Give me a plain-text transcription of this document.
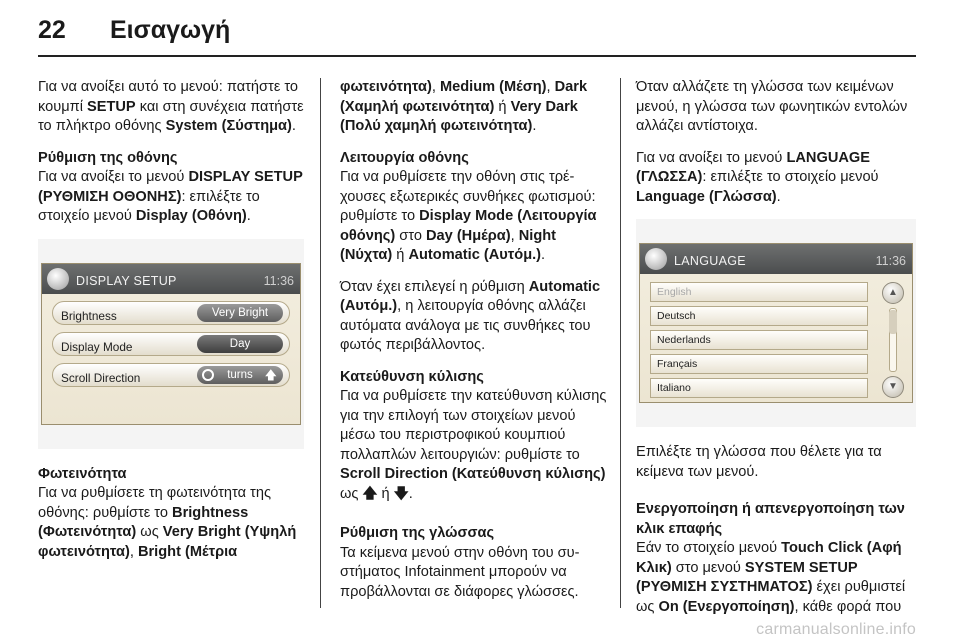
22 Εισαγωγή

Για να ανοίξει αυτό το μενού: πατήστε το κουμπί SETUP και στη συνέχεια πατήστε το πλήκτρο οθόνης System (Σύστημα).

Ρύθμιση της οθόνης
Για να ανοίξει το μενού DISPLAY SETUP (ΡΥΘΜΙΣΗ ΟΘΟΝΗΣ): επιλέξτε το στοιχείο μενού Display (Οθόνη).

DISPLAY SETUP	11:36
Brightness	Very Bright
Display Mode	Day
Scroll Direction	turns 🡅

Φωτεινότητα
Για να ρυθμίσετε τη φωτεινότητα της οθόνης: ρυθμίστε το Brightness (Φωτεινότητα) ως Very Bright (Υψηλή φωτεινότητα), Bright (Μέτρια

φωτεινότητα), Medium (Μέση), Dark (Χαμηλή φωτεινότητα) ή Very Dark (Πολύ χαμηλή φωτεινότητα).

Λειτουργία οθόνης
Για να ρυθμίσετε την οθόνη στις τρέχουσες εξωτερικές συνθήκες φωτισμού: ρυθμίστε το Display Mode (Λειτουργία οθόνης) στο Day (Ημέρα), Night (Νύχτα) ή Automatic (Αυτόμ.).

Όταν έχει επιλεγεί η ρύθμιση Automatic (Αυτόμ.), η λειτουργία οθόνης αλλάζει αυτόματα ανάλογα με τις συνθήκες του φωτός περιβάλλοντος.

Κατεύθυνση κύλισης
Για να ρυθμίσετε την κατεύθυνση κύλισης για την επιλογή των στοιχείων μενού μέσω του περιστροφικού κουμπιού πολλαπλών λειτουργιών: ρυθμίστε το Scroll Direction (Κατεύθυνση κύλισης) ως 🡅 ή 🡇.

Ρύθμιση της γλώσσας
Τα κείμενα μενού στην οθόνη του συστήματος Infotainment μπορούν να προβάλλονται σε διάφορες γλώσσες.

Όταν αλλάζετε τη γλώσσα των κειμένων μενού, η γλώσσα των φωνητικών εντολών αλλάζει αντίστοιχα.

Για να ανοίξει το μενού LANGUAGE (ΓΛΩΣΣΑ): επιλέξτε το στοιχείο μενού Language (Γλώσσα).

LANGUAGE	11:36
English
Deutsch
Nederlands
Français
Italiano
▲
▼

Επιλέξτε τη γλώσσα που θέλετε για τα κείμενα των μενού.

Ενεργοποίηση ή απενεργοποίηση των κλικ επαφής
Εάν το στοιχείο μενού Touch Click (Αφή Κλικ) στο μενού SYSTEM SETUP (ΡΥΘΜΙΣΗ ΣΥΣΤΗΜΑΤΟΣ) έχει ρυθμιστεί ως On (Ενεργοποίηση), κάθε φορά που

carmanualsonline.info
